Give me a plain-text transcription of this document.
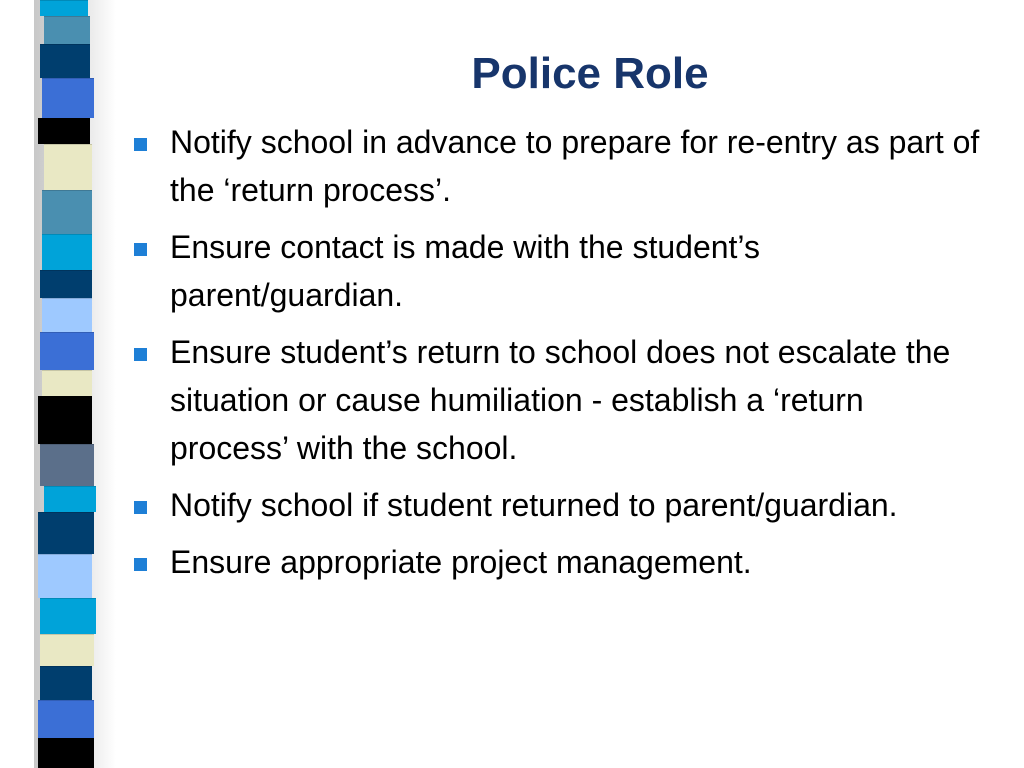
Police Role
Notify school in advance to prepare for re-entry as part of the ‘return process’.
Ensure contact is made with the student’s parent/guardian.
Ensure student’s return to school does not escalate the situation or cause humiliation - establish a ‘return process’ with the school.
Notify school if student returned to parent/guardian.
Ensure appropriate project management.
